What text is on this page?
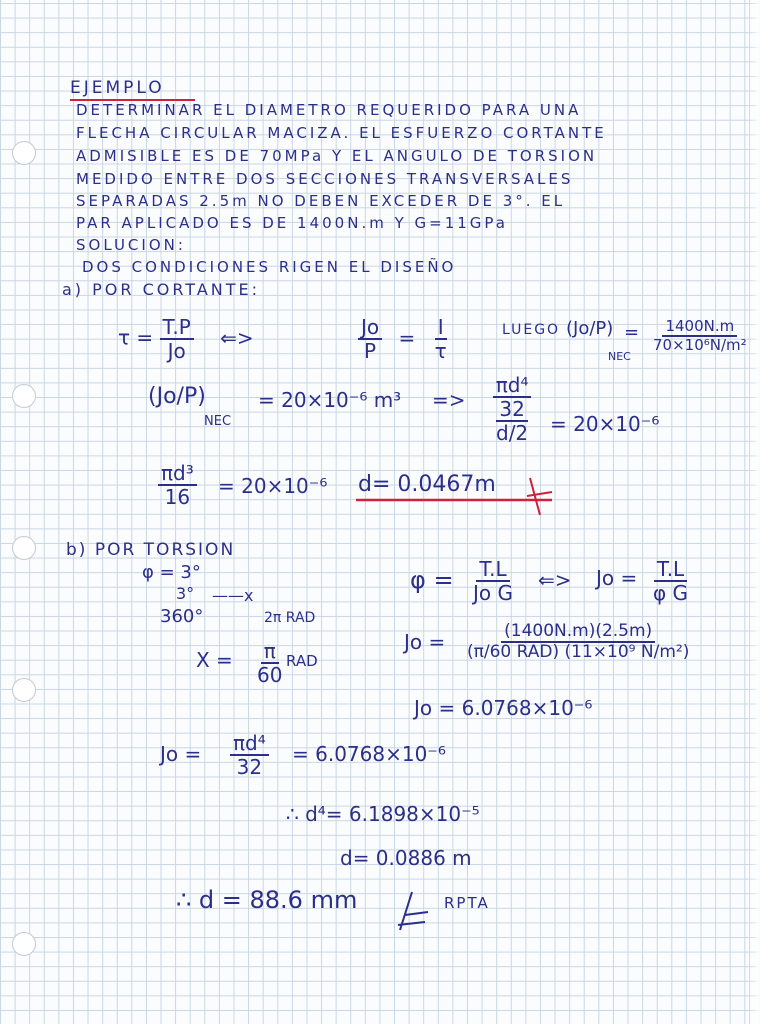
EJEMPLO
DETERMINAR EL DIAMETRO REQUERIDO PARA UNA
FLECHA CIRCULAR MACIZA. EL ESFUERZO CORTANTE
ADMISIBLE ES DE 70MPa Y EL ANGULO DE TORSION
MEDIDO ENTRE DOS SECCIONES TRANSVERSALES
SEPARADAS 2.5m NO DEBEN EXCEDER DE 3°. EL
PAR APLICADO ES DE 1400N.m Y G=11GPa
SOLUCION:
DOS CONDICIONES RIGEN EL DISEÑO
a) POR CORTANTE:
$\tau = \frac{T.P}{Jo}$ ⇐>	$\frac{Jo}{P} = \frac{I}{\tau}$	LUEGO (Jo/P)
NEC
= $\frac{1400N.m}{\text{70×10⁶N/m²}}$
(Jo/P)
NEC
= 20×10⁻⁶ $m^3 => \frac{\text{πd⁴}}{\frac{32}{d/2}} = 20\times 10^{-6}$
$\frac{\text{πd³}}{16} = 20\times 10^{-6}$ d= 0.0467m
b) POR TORSION
φ = 3°
3° ——x
360°	2π RAD
$X = \frac{\pi}{60}$ RAD
$\varphi = \frac{T.L}{\text{Jo G}}$ ⇐> $Jo = \frac{T.L}{\text{φ G}}$
$Jo = \frac{(1400N.m)(2.5m)}{\text{(π/60 RAD) (11×10⁹ N/m²)}}$
Jo = 6.0768×10⁻⁶
$Jo = \frac{\text{πd⁴}}{32} = 6.0768\times 10^{-6}$
∴ d⁴= 6.1898×10⁻⁵
d= 0.0886 m
∴ d = 88.6 mm	RPTA
